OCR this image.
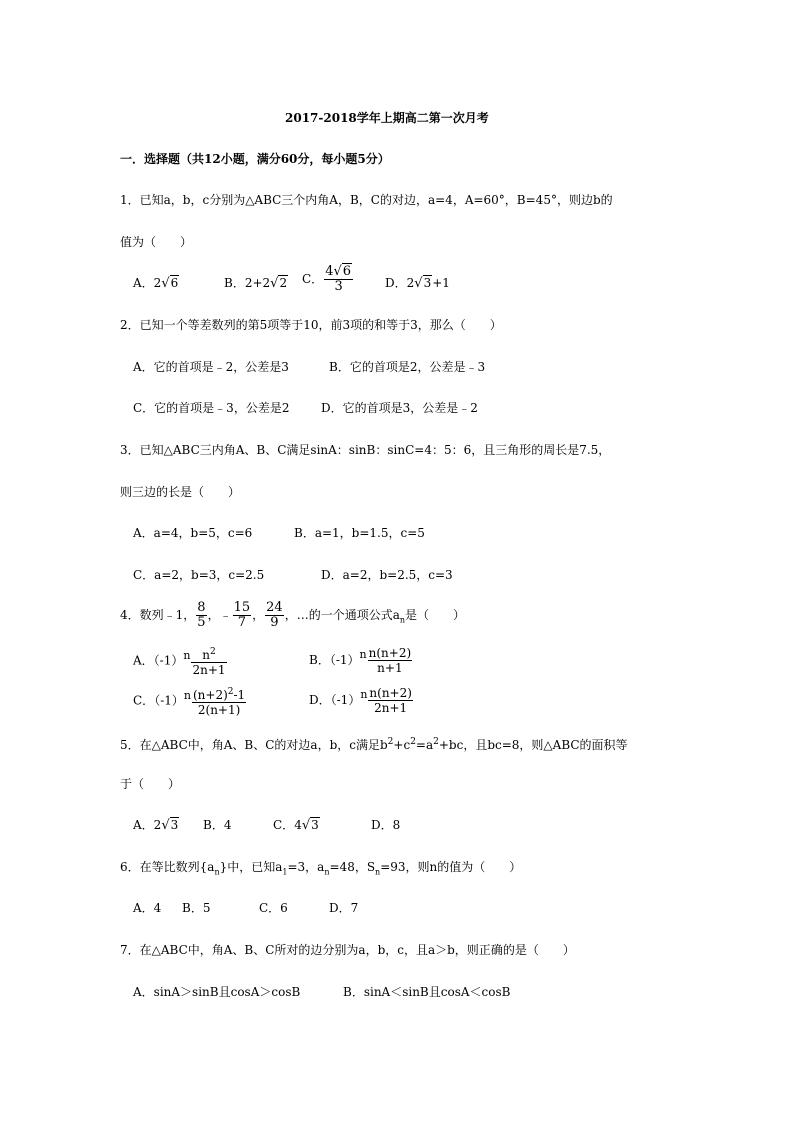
2017-2018学年上期高二第一次月考
一．选择题（共12小题，满分60分，每小题5分）
1．已知a，b，c分别为△ABC三个内角A，B，C的对边，a=4，A=60°，B=45°，则边b的
值为（　　）
A．2√6	B．2+2√2 C． $\frac{4√6}{3}$	D．2√3+1
2．已知一个等差数列的第5项等于10，前3项的和等于3，那么（　　）
A．它的首项是﹣2，公差是3	B．它的首项是2，公差是﹣3
C．它的首项是﹣3，公差是2	D．它的首项是3，公差是﹣2
3．已知△ABC三内角A、B、C满足sinA：sinB：sinC=4：5：6，且三角形的周长是7.5，
则三边的长是（　　）
A．a=4，b=5，c=6	B．a=1，b=1.5，c=5
C．a=2，b=3，c=2.5	D．a=2，b=2.5，c=3
4．数列﹣1， $\frac{8}{5}$ ，﹣ $\frac{15}{7}$ ， $\frac{24}{9}$ ，…的一个通项公式$a_n$是（　　）
A．$(-1)n \frac{n^2}{2n+1}$	B．$(-1)n \frac{n(n+2)}{n+1}$
C．$(-1)n \frac{(n+2)^2-1}{2(n+1)}$	D．$(-1)n \frac{n(n+2)}{2n+1}$
5．在△ABC中，角A、B、C的对边a，b，c满足$b^2+c^2=a^2+bc$，且bc=8，则△ABC的面积等
于（　　）
A．2√3 B．4	C．4√3	D．8
6．在等比数列$\{a_n\}$中，已知$a_1=3$，$a_n=48$，$S_n=93$，则n的值为（　　）
A．4 B．5	C．6	D．7
7．在△ABC中，角A、B、C所对的边分别为a，b，c，且a＞b，则正确的是（　　）
A．sinA＞sinB且cosA＞cosB	B．sinA＜sinB且cosA＜cosB
